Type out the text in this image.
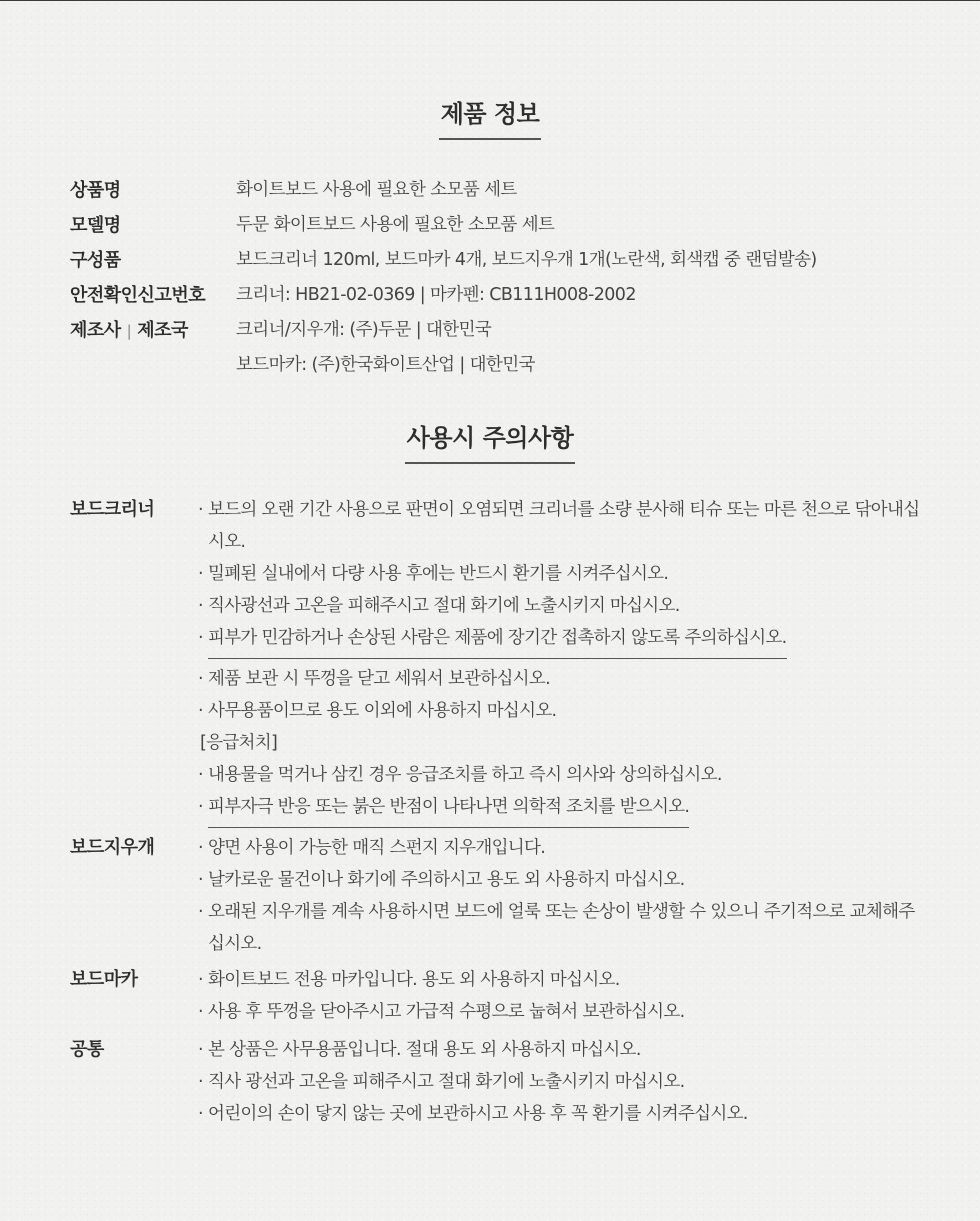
제품 정보
상품명	화이트보드 사용에 필요한 소모품 세트
모델명	두문 화이트보드 사용에 필요한 소모품 세트
구성품	보드크리너 120ml, 보드마카 4개, 보드지우개 1개(노란색, 회색캡 중 랜덤발송)
안전확인신고번호	크리너: HB21-02-0369 | 마카펜: CB111H008-2002
제조사 | 제조국	크리너/지우개: (주)두문 | 대한민국
보드마카: (주)한국화이트산업 | 대한민국
사용시 주의사항
보드크리너	· 보드의 오랜 기간 사용으로 판면이 오염되면 크리너를 소량 분사해 티슈 또는 마른 천으로 닦아내십시오.
· 밀폐된 실내에서 다량 사용 후에는 반드시 환기를 시켜주십시오.
· 직사광선과 고온을 피해주시고 절대 화기에 노출시키지 마십시오.
· 피부가 민감하거나 손상된 사람은 제품에 장기간 접촉하지 않도록 주의하십시오.
· 제품 보관 시 뚜껑을 닫고 세워서 보관하십시오.
· 사무용품이므로 용도 이외에 사용하지 마십시오.
[응급처치]
· 내용물을 먹거나 삼킨 경우 응급조치를 하고 즉시 의사와 상의하십시오.
· 피부자극 반응 또는 붉은 반점이 나타나면 의학적 조치를 받으시오.
보드지우개	· 양면 사용이 가능한 매직 스펀지 지우개입니다.
· 날카로운 물건이나 화기에 주의하시고 용도 외 사용하지 마십시오.
· 오래된 지우개를 계속 사용하시면 보드에 얼룩 또는 손상이 발생할 수 있으니 주기적으로 교체해주십시오.
보드마카	· 화이트보드 전용 마카입니다. 용도 외 사용하지 마십시오.
· 사용 후 뚜껑을 닫아주시고 가급적 수평으로 눕혀서 보관하십시오.
공통	· 본 상품은 사무용품입니다. 절대 용도 외 사용하지 마십시오.
· 직사 광선과 고온을 피해주시고 절대 화기에 노출시키지 마십시오.
· 어린이의 손이 닿지 않는 곳에 보관하시고 사용 후 꼭 환기를 시켜주십시오.
